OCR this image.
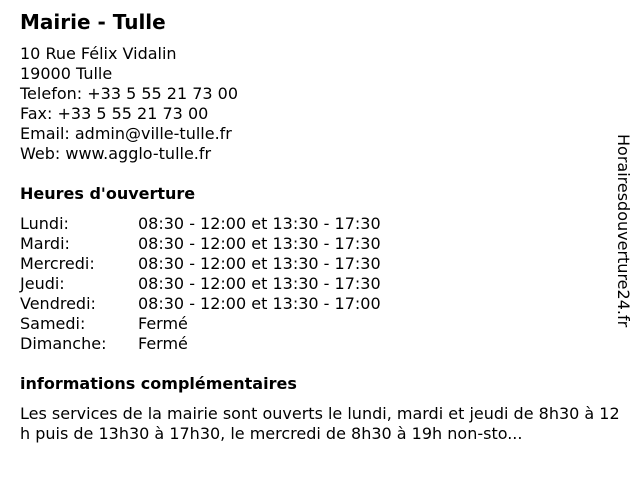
Mairie - Tulle
10 Rue Félix Vidalin
19000 Tulle
Telefon: +33 5 55 21 73 00
Fax: +33 5 55 21 73 00
Email: admin@ville-tulle.fr
Web: www.agglo-tulle.fr
Heures d'ouverture
Lundi:	08:30 - 12:00 et 13:30 - 17:30
Mardi:	08:30 - 12:00 et 13:30 - 17:30
Mercredi:	08:30 - 12:00 et 13:30 - 17:30
Jeudi:	08:30 - 12:00 et 13:30 - 17:30
Vendredi:	08:30 - 12:00 et 13:30 - 17:00
Samedi:	Fermé
Dimanche:	Fermé
informations complémentaires
Les services de la mairie sont ouverts le lundi, mardi et jeudi de 8h30 à 12h puis de 13h30 à 17h30, le mercredi de 8h30 à 19h non-sto...
Horairesdouverture24.fr
